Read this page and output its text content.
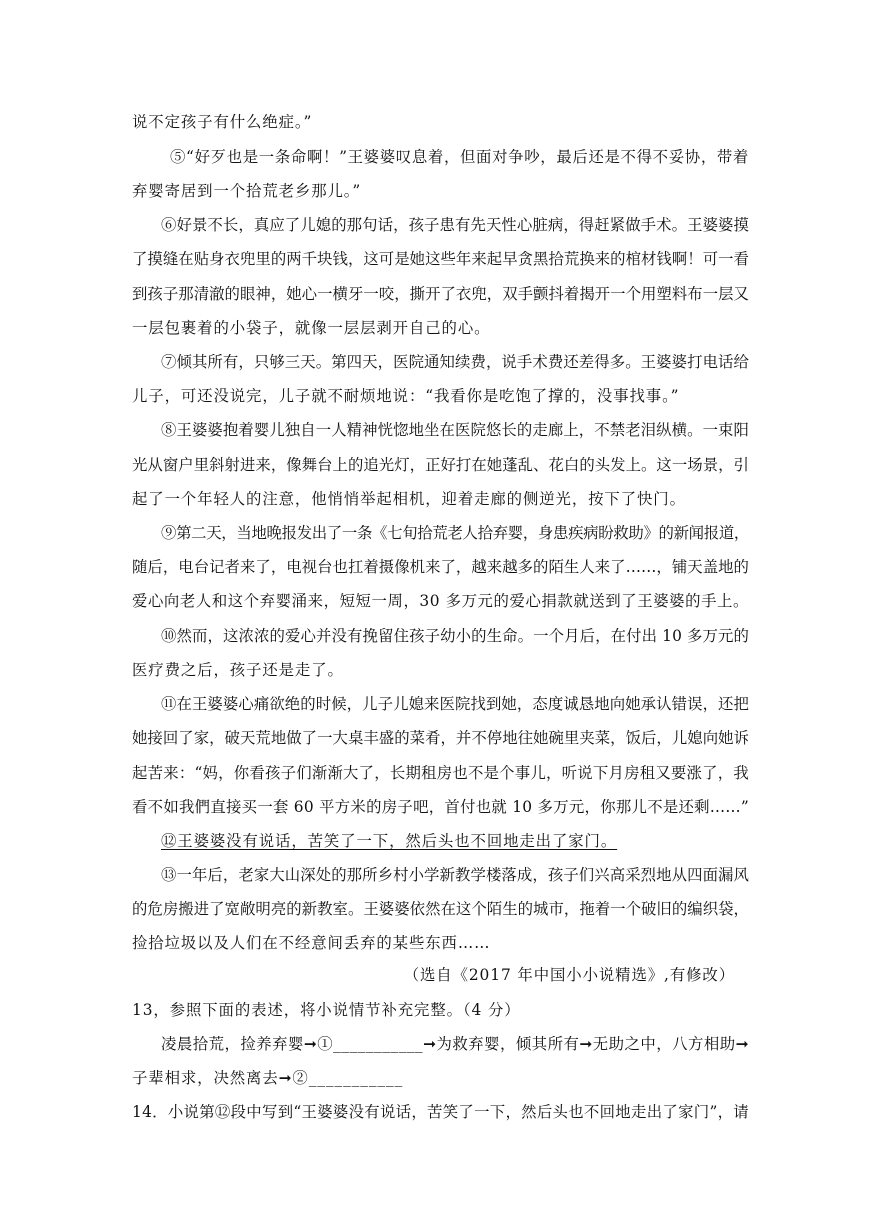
说不定孩子有什么绝症。”
⑤“好歹也是一条命啊！”王婆婆叹息着，但面对争吵，最后还是不得不妥协，带着
弃婴寄居到一个拾荒老乡那儿。”
⑥好景不长，真应了儿媳的那句话，孩子患有先天性心脏病，得赶紧做手术。王婆婆摸
了摸缝在贴身衣兜里的两千块钱，这可是她这些年来起早贪黑拾荒换来的棺材钱啊！可一看
到孩子那清澈的眼神，她心一横牙一咬，撕开了衣兜，双手颤抖着揭开一个用塑料布一层又
一层包裹着的小袋子，就像一层层剥开自己的心。
⑦倾其所有，只够三天。第四天，医院通知续费，说手术费还差得多。王婆婆打电话给
儿子，可还没说完，儿子就不耐烦地说：“我看你是吃饱了撑的，没事找事。”
⑧王婆婆抱着婴儿独自一人精神恍惚地坐在医院悠长的走廊上，不禁老泪纵横。一束阳
光从窗户里斜射进来，像舞台上的追光灯，正好打在她蓬乱、花白的头发上。这一场景，引
起了一个年轻人的注意，他悄悄举起相机，迎着走廊的侧逆光，按下了快门。
⑨第二天，当地晚报发出了一条《七旬拾荒老人拾弃婴，身患疾病盼救助》的新闻报道，
随后，电台记者来了，电视台也扛着摄像机来了，越来越多的陌生人来了……，铺天盖地的
爱心向老人和这个弃婴涌来，短短一周，30 多万元的爱心捐款就送到了王婆婆的手上。
⑩然而，这浓浓的爱心并没有挽留住孩子幼小的生命。一个月后，在付出 10 多万元的
医疗费之后，孩子还是走了。
⑪在王婆婆心痛欲绝的时候，儿子儿媳来医院找到她，态度诚恳地向她承认错误，还把
她接回了家，破天荒地做了一大桌丰盛的菜肴，并不停地往她碗里夹菜，饭后，儿媳向她诉
起苦来：“妈，你看孩子们渐渐大了，长期租房也不是个事儿，听说下月房租又要涨了，我
看不如我們直接买一套 60 平方米的房子吧，首付也就 10 多万元，你那儿不是还剩......”
⑫王婆婆没有说话，苦笑了一下，然后头也不回地走出了家门。
⑬一年后，老家大山深处的那所乡村小学新教学楼落成，孩子们兴高采烈地从四面漏风
的危房搬进了宽敞明亮的新教室。王婆婆依然在这个陌生的城市，拖着一个破旧的编织袋，
捡拾垃圾以及人们在不经意间丢弃的某些东西……
（选自《2017 年中国小小说精选》,有修改）
13，参照下面的表述，将小说情节补充完整。（4 分）
凌晨拾荒，捡养弃婴➞①___________➞为救弃婴，倾其所有➞无助之中，八方相助➞
子辈相求，决然离去➞②___________
14．小说第⑫段中写到“王婆婆没有说话，苦笑了一下，然后头也不回地走出了家门”，请
